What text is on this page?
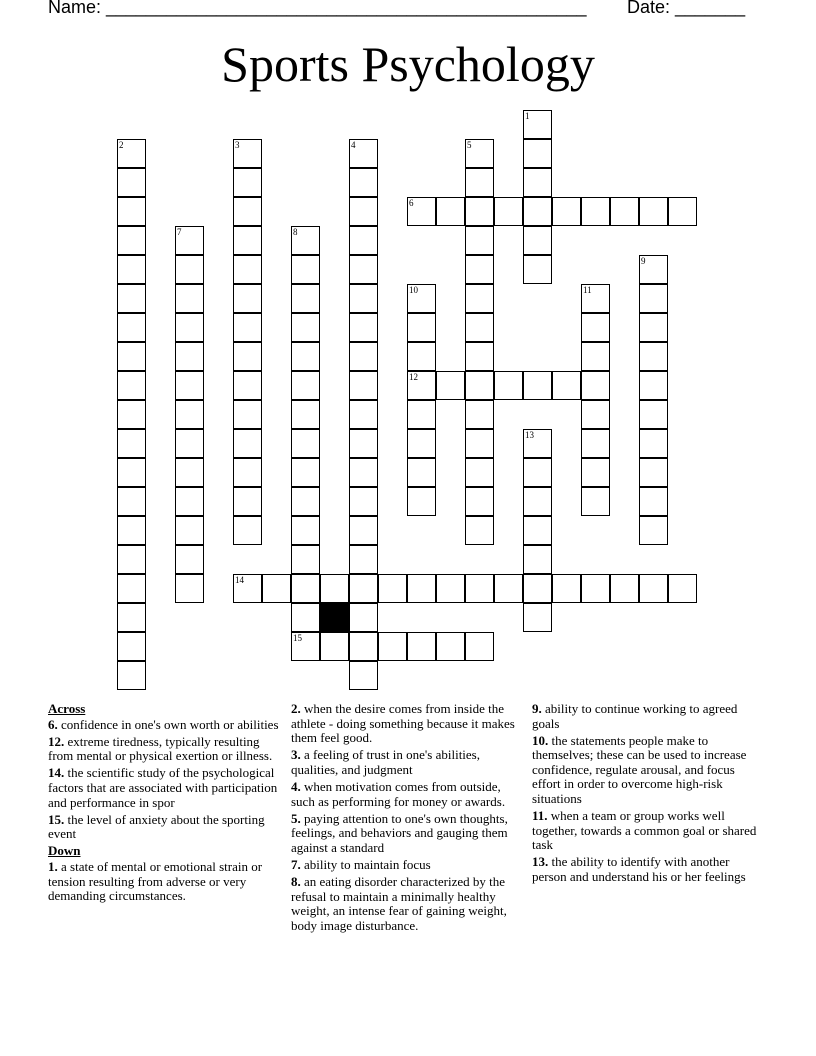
Name: ________________________________________________ Date: _______
Sports Psychology
1
2	3	4	5
6
7	8
9
10	11
12
13
14
15
Across
6. confidence in one's own worth or abilities
12. extreme tiredness, typically resulting from mental or physical exertion or illness.
14. the scientific study of the psychological factors that are associated with participation and performance in spor
15. the level of anxiety about the sporting event
Down
1. a state of mental or emotional strain or tension resulting from adverse or very demanding circumstances.
2. when the desire comes from inside the athlete - doing something because it makes them feel good.
3. a feeling of trust in one's abilities, qualities, and judgment
4. when motivation comes from outside, such as performing for money or awards.
5. paying attention to one's own thoughts, feelings, and behaviors and gauging them against a standard
7. ability to maintain focus
8. an eating disorder characterized by the refusal to maintain a minimally healthy weight, an intense fear of gaining weight, body image disturbance.
9. ability to continue working to agreed goals
10. the statements people make to themselves; these can be used to increase confidence, regulate arousal, and focus effort in order to overcome high-risk situations
11. when a team or group works well together, towards a common goal or shared task
13. the ability to identify with another person and understand his or her feelings
